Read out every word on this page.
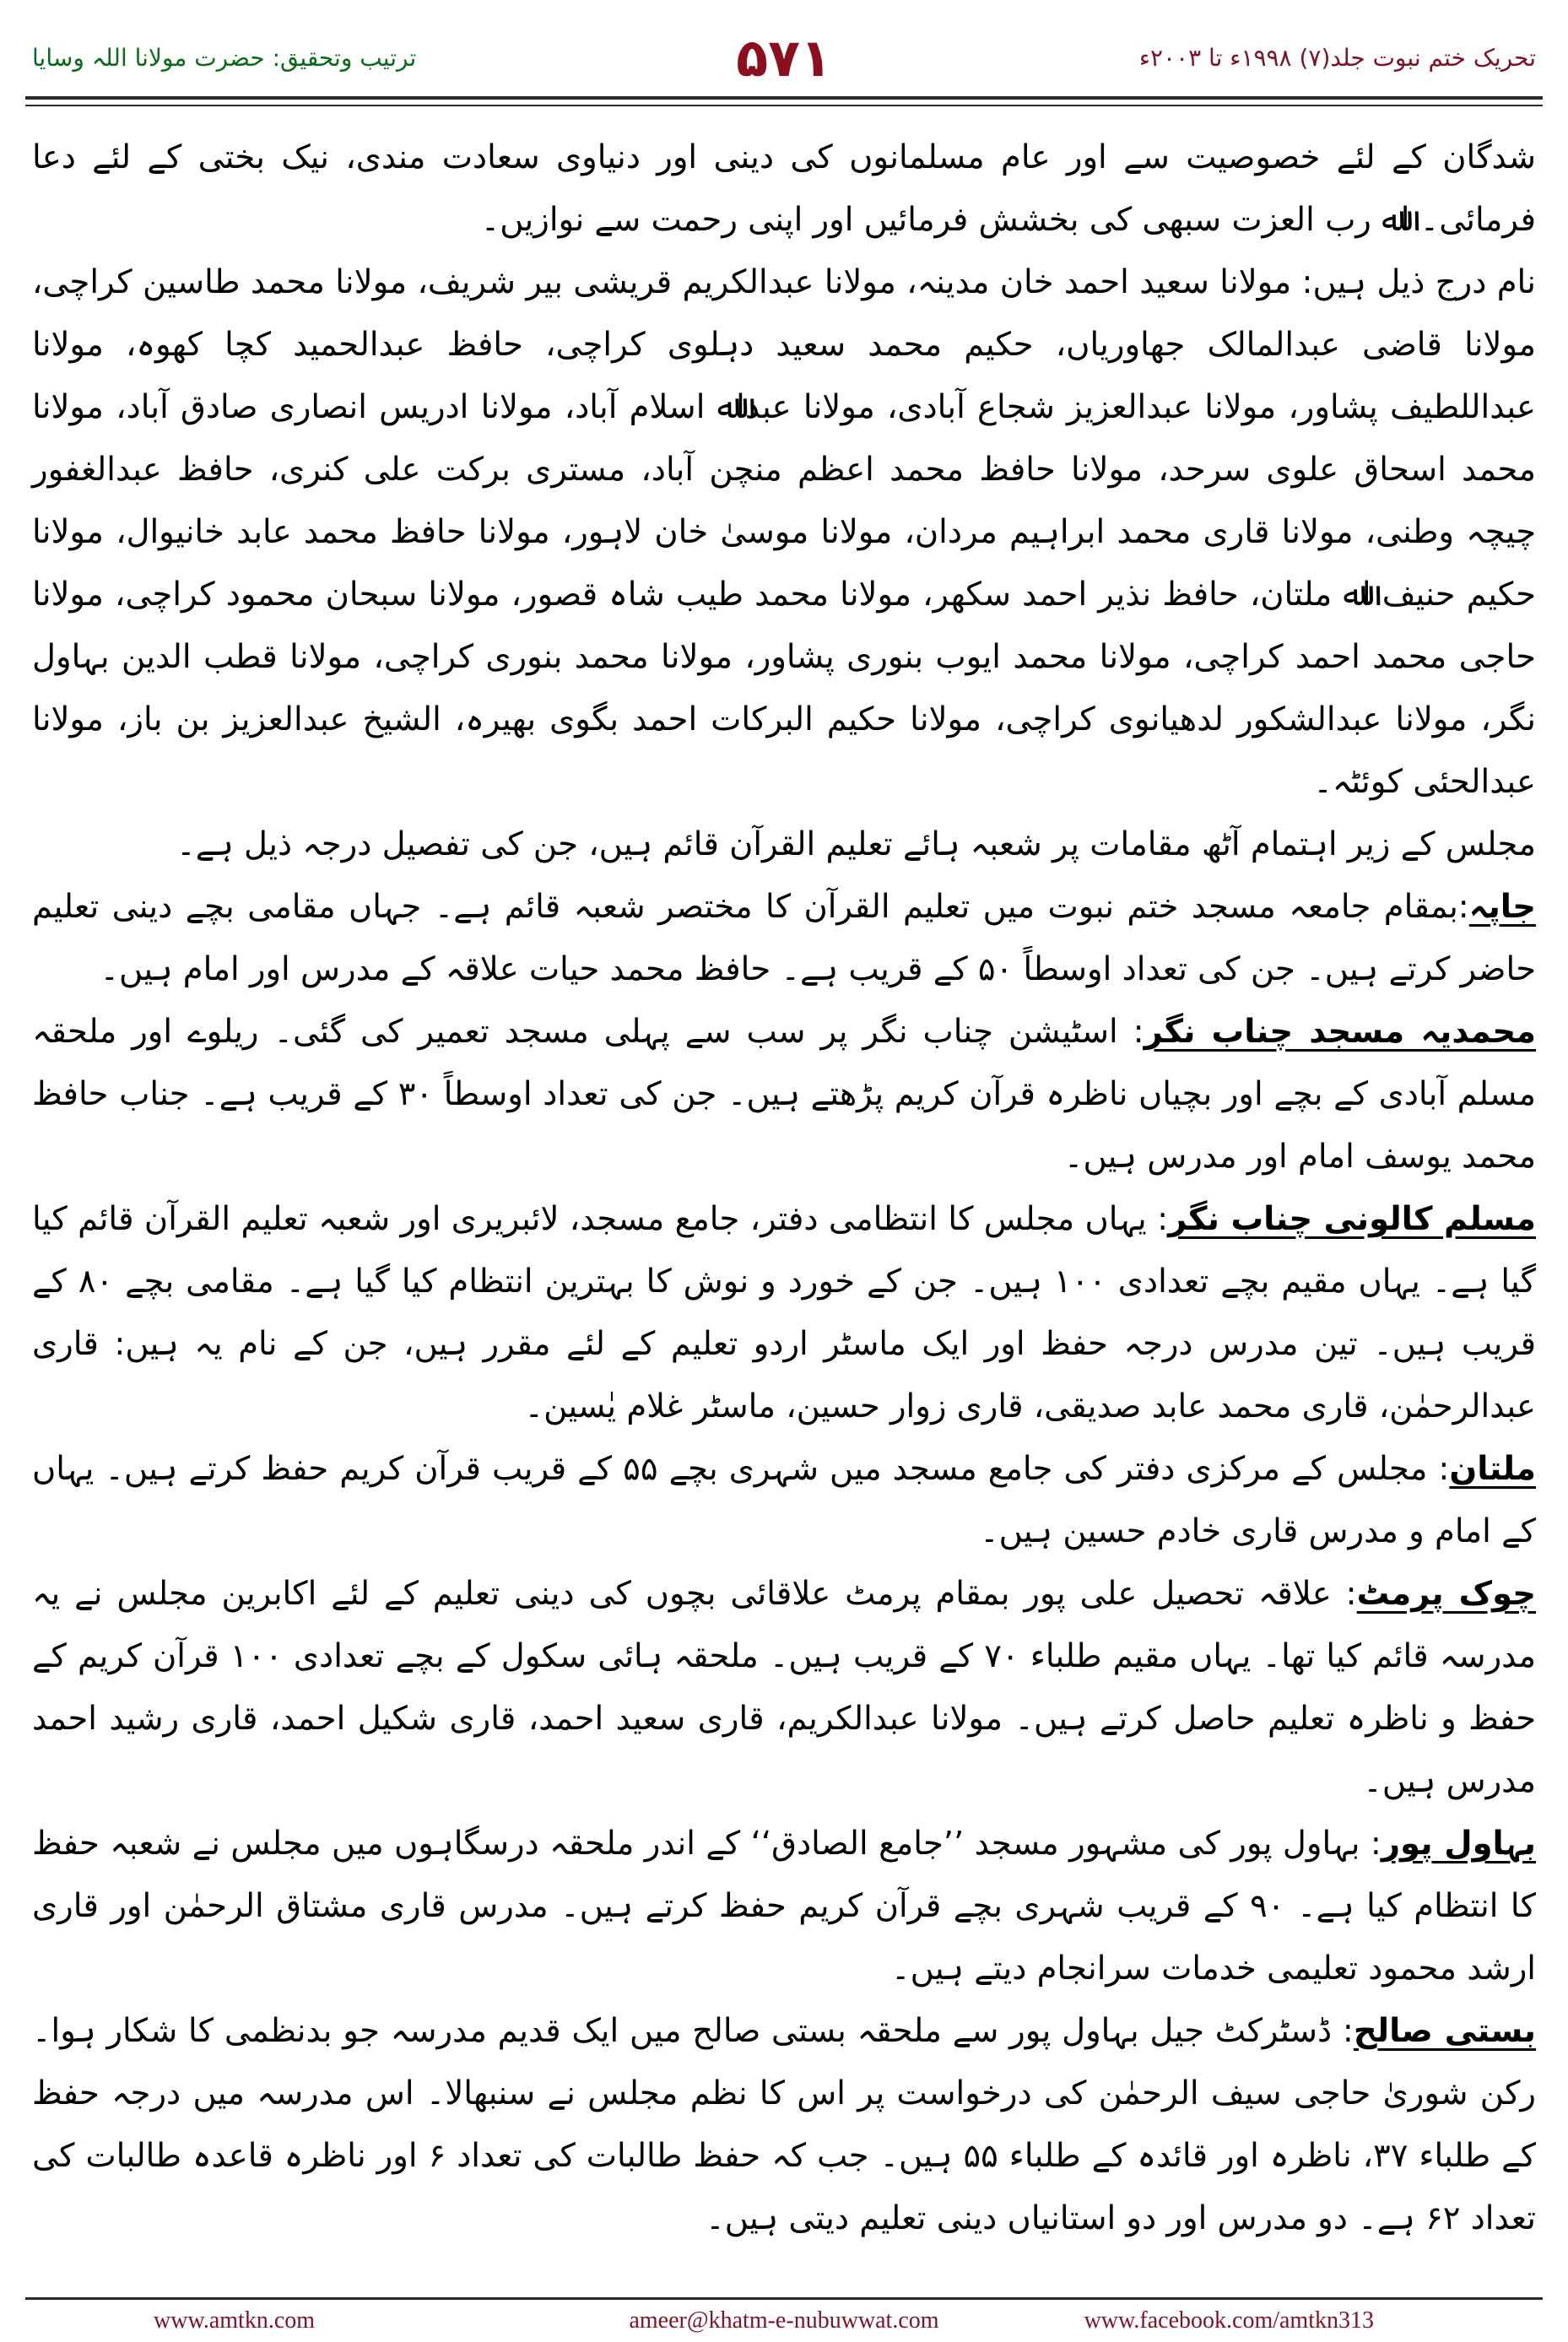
ترتیب وتحقیق: حضرت مولانا اللہ وسایا	۵۷۱	تحریک ختم نبوت جلد(۷) ۱۹۹۸ء تا ۲۰۰۳ء

شدگان کے لئے خصوصیت سے اور عام مسلمانوں کی دینی اور دنیاوی سعادت مندی، نیک بختی کے لئے دعا فرمائی۔ اﷲ رب العزت سبھی کی بخشش فرمائیں اور اپنی رحمت سے نوازیں۔

نام درج ذیل ہیں: مولانا سعید احمد خان مدینہ، مولانا عبدالکریم قریشی بیر شریف، مولانا محمد طاسین کراچی، مولانا قاضی عبدالمالک جھاوریاں، حکیم محمد سعید دہلوی کراچی، حافظ عبدالحمید کچا کھوہ، مولانا عبداللطیف پشاور، مولانا عبدالعزیز شجاع آبادی، مولانا عبداﷲ اسلام آباد، مولانا ادریس انصاری صادق آباد، مولانا محمد اسحاق علوی سرحد، مولانا حافظ محمد اعظم منچن آباد، مستری برکت علی کنری، حافظ عبدالغفور چیچہ وطنی، مولانا قاری محمد ابراہیم مردان، مولانا موسیٰ خان لاہور، مولانا حافظ محمد عابد خانیوال، مولانا حکیم حنیف اﷲ ملتان، حافظ نذیر احمد سکھر، مولانا محمد طیب شاہ قصور، مولانا سبحان محمود کراچی، مولانا حاجی محمد احمد کراچی، مولانا محمد ایوب بنوری پشاور، مولانا محمد بنوری کراچی، مولانا قطب الدین بہاول نگر، مولانا عبدالشکور لدھیانوی کراچی، مولانا حکیم البرکات احمد بگوی بھیرہ، الشیخ عبدالعزیز بن باز، مولانا عبدالحئی کوئٹہ۔

مجلس کے زیر اہتمام آٹھ مقامات پر شعبہ ہائے تعلیم القرآن قائم ہیں، جن کی تفصیل درجہ ذیل ہے۔

جاپہ:بمقام جامعہ مسجد ختم نبوت میں تعلیم القرآن کا مختصر شعبہ قائم ہے۔ جہاں مقامی بچے دینی تعلیم حاضر کرتے ہیں۔ جن کی تعداد اوسطاً ۵۰ کے قریب ہے۔ حافظ محمد حیات علاقہ کے مدرس اور امام ہیں۔

محمدیہ مسجد چناب نگر: اسٹیشن چناب نگر پر سب سے پہلی مسجد تعمیر کی گئی۔ ریلوے اور ملحقہ مسلم آبادی کے بچے اور بچیاں ناظرہ قرآن کریم پڑھتے ہیں۔ جن کی تعداد اوسطاً ۳۰ کے قریب ہے۔ جناب حافظ محمد یوسف امام اور مدرس ہیں۔

مسلم کالونی چناب نگر: یہاں مجلس کا انتظامی دفتر، جامع مسجد، لائبریری اور شعبہ تعلیم القرآن قائم کیا گیا ہے۔ یہاں مقیم بچے تعدادی ۱۰۰ ہیں۔ جن کے خورد و نوش کا بہترین انتظام کیا گیا ہے۔ مقامی بچے ۸۰ کے قریب ہیں۔ تین مدرس درجہ حفظ اور ایک ماسٹر اردو تعلیم کے لئے مقرر ہیں، جن کے نام یہ ہیں: قاری عبدالرحمٰن، قاری محمد عابد صدیقی، قاری زوار حسین، ماسٹر غلام یٰسین۔

ملتان: مجلس کے مرکزی دفتر کی جامع مسجد میں شہری بچے ۵۵ کے قریب قرآن کریم حفظ کرتے ہیں۔ یہاں کے امام و مدرس قاری خادم حسین ہیں۔

چوک پرمٹ: علاقہ تحصیل علی پور بمقام پرمٹ علاقائی بچوں کی دینی تعلیم کے لئے اکابرین مجلس نے یہ مدرسہ قائم کیا تھا۔ یہاں مقیم طلباء ۷۰ کے قریب ہیں۔ ملحقہ ہائی سکول کے بچے تعدادی ۱۰۰ قرآن کریم کے حفظ و ناظرہ تعلیم حاصل کرتے ہیں۔ مولانا عبدالکریم، قاری سعید احمد، قاری شکیل احمد، قاری رشید احمد مدرس ہیں۔

بہاول پور: بہاول پور کی مشہور مسجد ’’جامع الصادق‘‘ کے اندر ملحقہ درسگاہوں میں مجلس نے شعبہ حفظ کا انتظام کیا ہے۔ ۹۰ کے قریب شہری بچے قرآن کریم حفظ کرتے ہیں۔ مدرس قاری مشتاق الرحمٰن اور قاری ارشد محمود تعلیمی خدمات سرانجام دیتے ہیں۔

بستی صالح: ڈسٹرکٹ جیل بہاول پور سے ملحقہ بستی صالح میں ایک قدیم مدرسہ جو بدنظمی کا شکار ہوا۔ رکن شوریٰ حاجی سیف الرحمٰن کی درخواست پر اس کا نظم مجلس نے سنبھالا۔ اس مدرسہ میں درجہ حفظ کے طلباء ۳۷، ناظرہ اور قائدہ کے طلباء ۵۵ ہیں۔ جب کہ حفظ طالبات کی تعداد ۶ اور ناظرہ قاعدہ طالبات کی تعداد ۶۲ ہے۔ دو مدرس اور دو استانیاں دینی تعلیم دیتی ہیں۔

www.amtkn.com	ameer@khatm-e-nubuwwat.com	www.facebook.com/amtkn313
